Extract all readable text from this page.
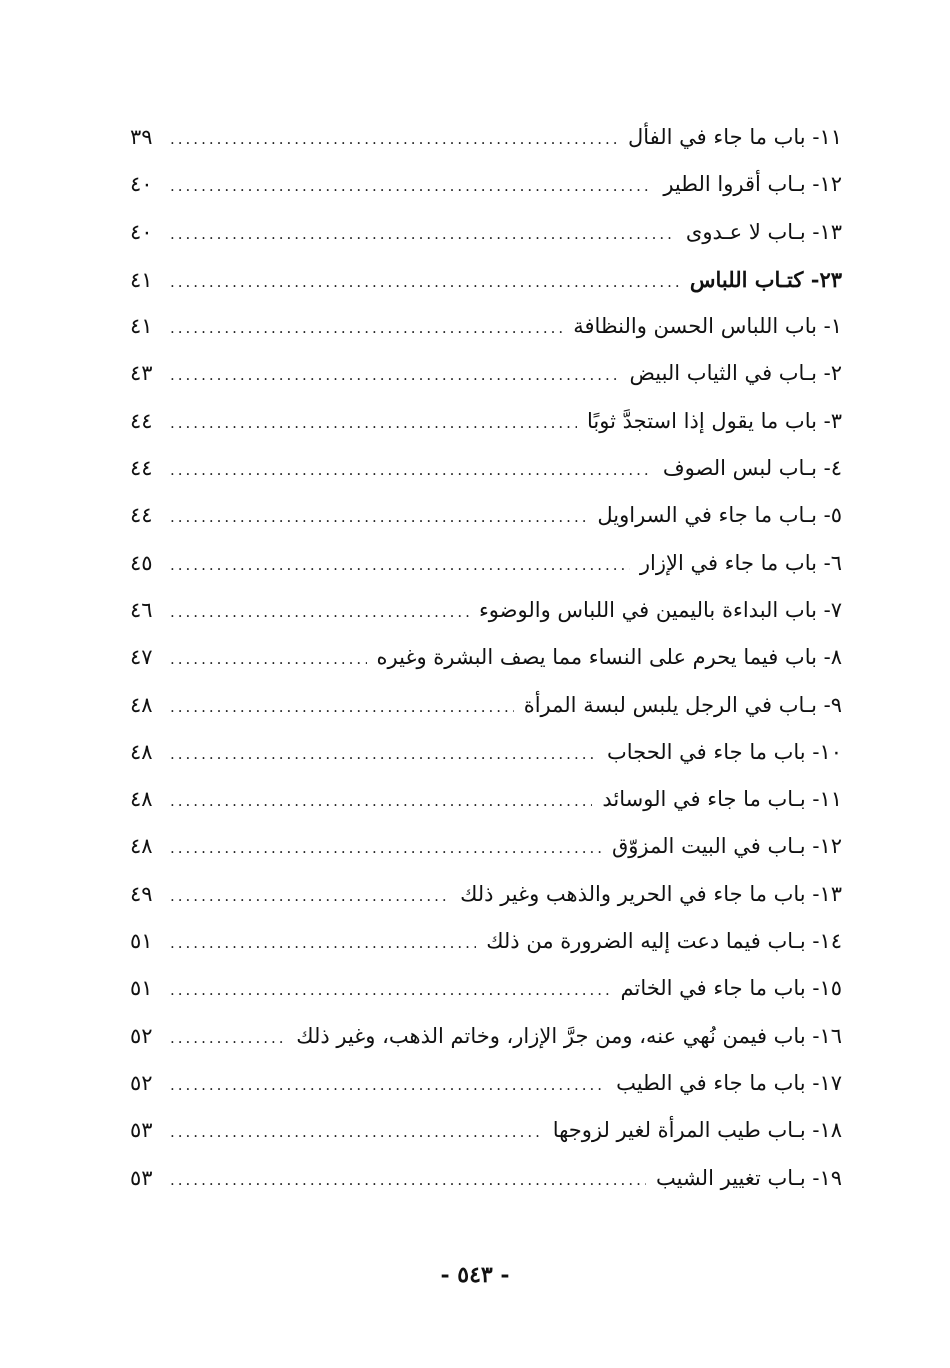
١١- باب ما جاء في الفأل
.....
٣٩
١٢- بـاب أقروا الطير
.....
٤٠
١٣- بـاب لا عـدوى
.....
٤٠
٢٣- كتـاب اللباس
.....
٤١
١- باب اللباس الحسن والنظافة
.....
٤١
٢- بـاب في الثياب البيض
.....
٤٣
٣- باب ما يقول إذا استجدَّ ثوبًا
.....
٤٤
٤- بـاب لبس الصوف
.....
٤٤
٥- بـاب ما جاء في السراويل
.....
٤٤
٦- باب ما جاء في الإزار
.....
٤٥
٧- باب البداءة باليمين في اللباس والوضوء
.....
٤٦
٨- باب فيما يحرم على النساء مما يصف البشرة وغيره
.....
٤٧
٩- بـاب في الرجل يلبس لبسة المرأة
.....
٤٨
١٠- باب ما جاء في الحجاب
.....
٤٨
١١- بـاب ما جاء في الوسائد
.....
٤٨
١٢- بـاب في البيت المزوّق
.....
٤٨
١٣- باب ما جاء في الحرير والذهب وغير ذلك
.....
٤٩
١٤- بـاب فيما دعت إليه الضرورة من ذلك
.....
٥١
١٥- باب ما جاء في الخاتم
.....
٥١
١٦- باب فيمن نُهي عنه، ومن جرَّ الإزار، وخاتم الذهب، وغير ذلك
.....
٥٢
١٧- باب ما جاء في الطيب
.....
٥٢
١٨- بـاب طيب المرأة لغير لزوجها
.....
٥٣
١٩- بـاب تغيير الشيب
.....
٥٣
- ٥٤٣ -
